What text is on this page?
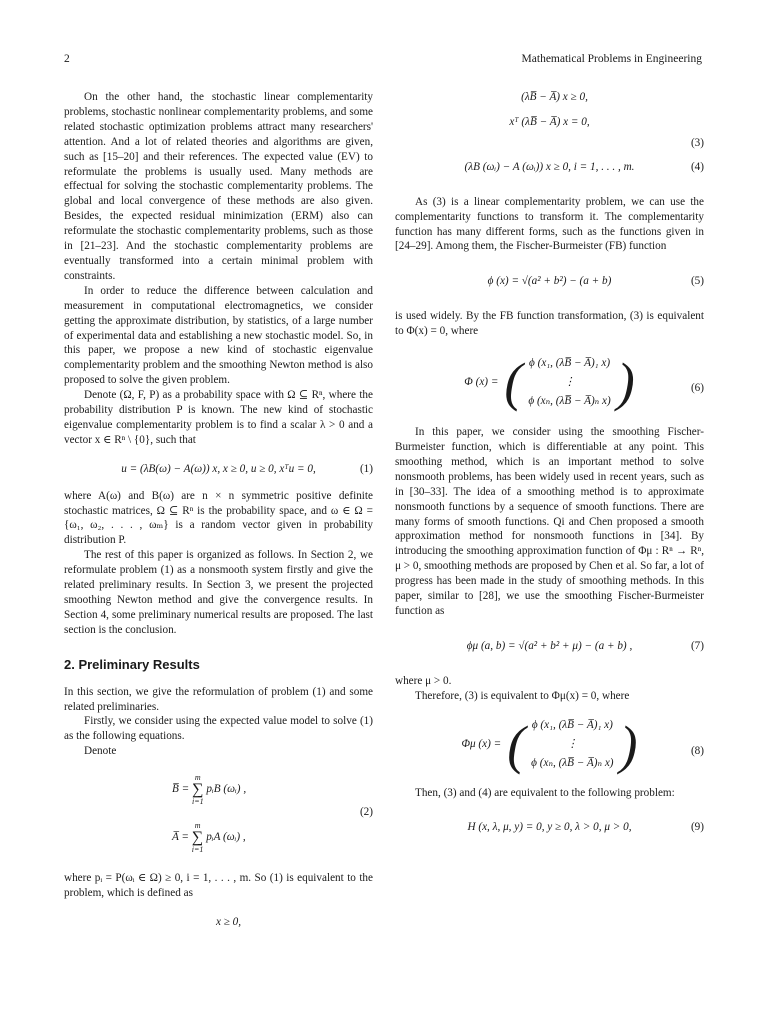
2	Mathematical Problems in Engineering

On the other hand, the stochastic linear complementarity problems, stochastic nonlinear complementarity problems, and some related stochastic optimization problems attract many researchers' attention. And a lot of related theories and algorithms are given, such as [15–20] and their references. The expected value (EV) to reformulate the problems is usually used. Many methods are effectual for solving the stochastic complementarity problems. The global and local convergence of these methods are also given. Besides, the expected residual minimization (ERM) also can reformulate the stochastic complementarity problems, such as those in [21–23]. And the stochastic complementarity problems are eventually transformed into a certain minimal problem with constraints.

In order to reduce the difference between calculation and measurement in computational electromagnetics, we consider getting the approximate distribution, by statistics, of a large number of experimental data and establishing a new stochastic model. So, in this paper, we propose a new kind of stochastic eigenvalue complementarity problem and the smoothing Newton method is also proposed to solve the given problem.

Denote (Ω, F, P) as a probability space with Ω ⊆ Rⁿ, where the probability distribution P is known. The new kind of stochastic eigenvalue complementarity problem is to find a scalar λ > 0 and a vector x ∈ Rⁿ \ {0}, such that

u = (λB(ω) − A(ω)) x, x ≥ 0, u ≥ 0, xᵀu = 0,	(1)

where A(ω) and B(ω) are n × n symmetric positive definite stochastic matrices, Ω ⊆ Rⁿ is the probability space, and ω ∈ Ω = {ω₁, ω₂, . . . , ωₘ} is a random vector given in probability distribution P.

The rest of this paper is organized as follows. In Section 2, we reformulate problem (1) as a nonsmooth system firstly and give the related preliminary results. In Section 3, we present the projected smoothing Newton method and give the convergence results. In Section 4, some preliminary numerical results are proposed. The last section is the conclusion.

2. Preliminary Results

In this section, we give the reformulation of problem (1) and some related preliminaries.

Firstly, we consider using the expected value model to solve (1) as the following equations.

Denote

B̅ =
m
∑
i=1
pᵢB (ωᵢ) ,
A̅ =
m
∑
i=1
pᵢA (ωᵢ) ,
(2)

where pᵢ = P(ωᵢ ∈ Ω) ≥ 0, i = 1, . . . , m. So (1) is equivalent to the problem, which is defined as

x ≥ 0,
(λB̅ − A̅) x ≥ 0,
xᵀ (λB̅ − A̅) x = 0,
(3)
(λB (ωᵢ) − A (ωᵢ)) x ≥ 0, i = 1, . . . , m.	(4)

As (3) is a linear complementarity problem, we can use the complementarity functions to transform it. The complementarity function has many different forms, such as the functions given in [24–29]. Among them, the Fischer-Burmeister (FB) function

ϕ (x) = √(a² + b²) − (a + b)	(5)

is used widely. By the FB function transformation, (3) is equivalent to Φ(x) = 0, where

Φ (x) = ( ϕ (x₁, (λB̅ − A̅)₁ x)
⋮
ϕ (xₙ, (λB̅ − A̅)ₙ x) )	(6)

In this paper, we consider using the smoothing Fischer-Burmeister function, which is differentiable at any point. This smoothing method, which is an important method to solve nonsmooth problems, has been widely used in recent years, such as in [30–33]. The idea of a smoothing method is to approximate nonsmooth functions by a sequence of smooth functions. There are many forms of smooth functions. Qi and Chen proposed a smooth approximation method for nonsmooth functions in [34]. By introducing the smoothing approximation function of Φμ : Rⁿ → Rⁿ, μ > 0, smoothing methods are proposed by Chen et al. So far, a lot of progress has been made in the study of smoothing methods. In this paper, similar to [28], we use the smoothing Fischer-Burmeister function as

ϕμ (a, b) = √(a² + b² + μ) − (a + b) ,	(7)

where μ > 0.

Therefore, (3) is equivalent to Φμ(x) = 0, where

Φμ (x) = ( ϕ (x₁, (λB̅ − A̅)₁ x)
⋮
ϕ (xₙ, (λB̅ − A̅)ₙ x) )	(8)

Then, (3) and (4) are equivalent to the following problem:

H (x, λ, μ, y) = 0, y ≥ 0, λ > 0, μ > 0,	(9)
